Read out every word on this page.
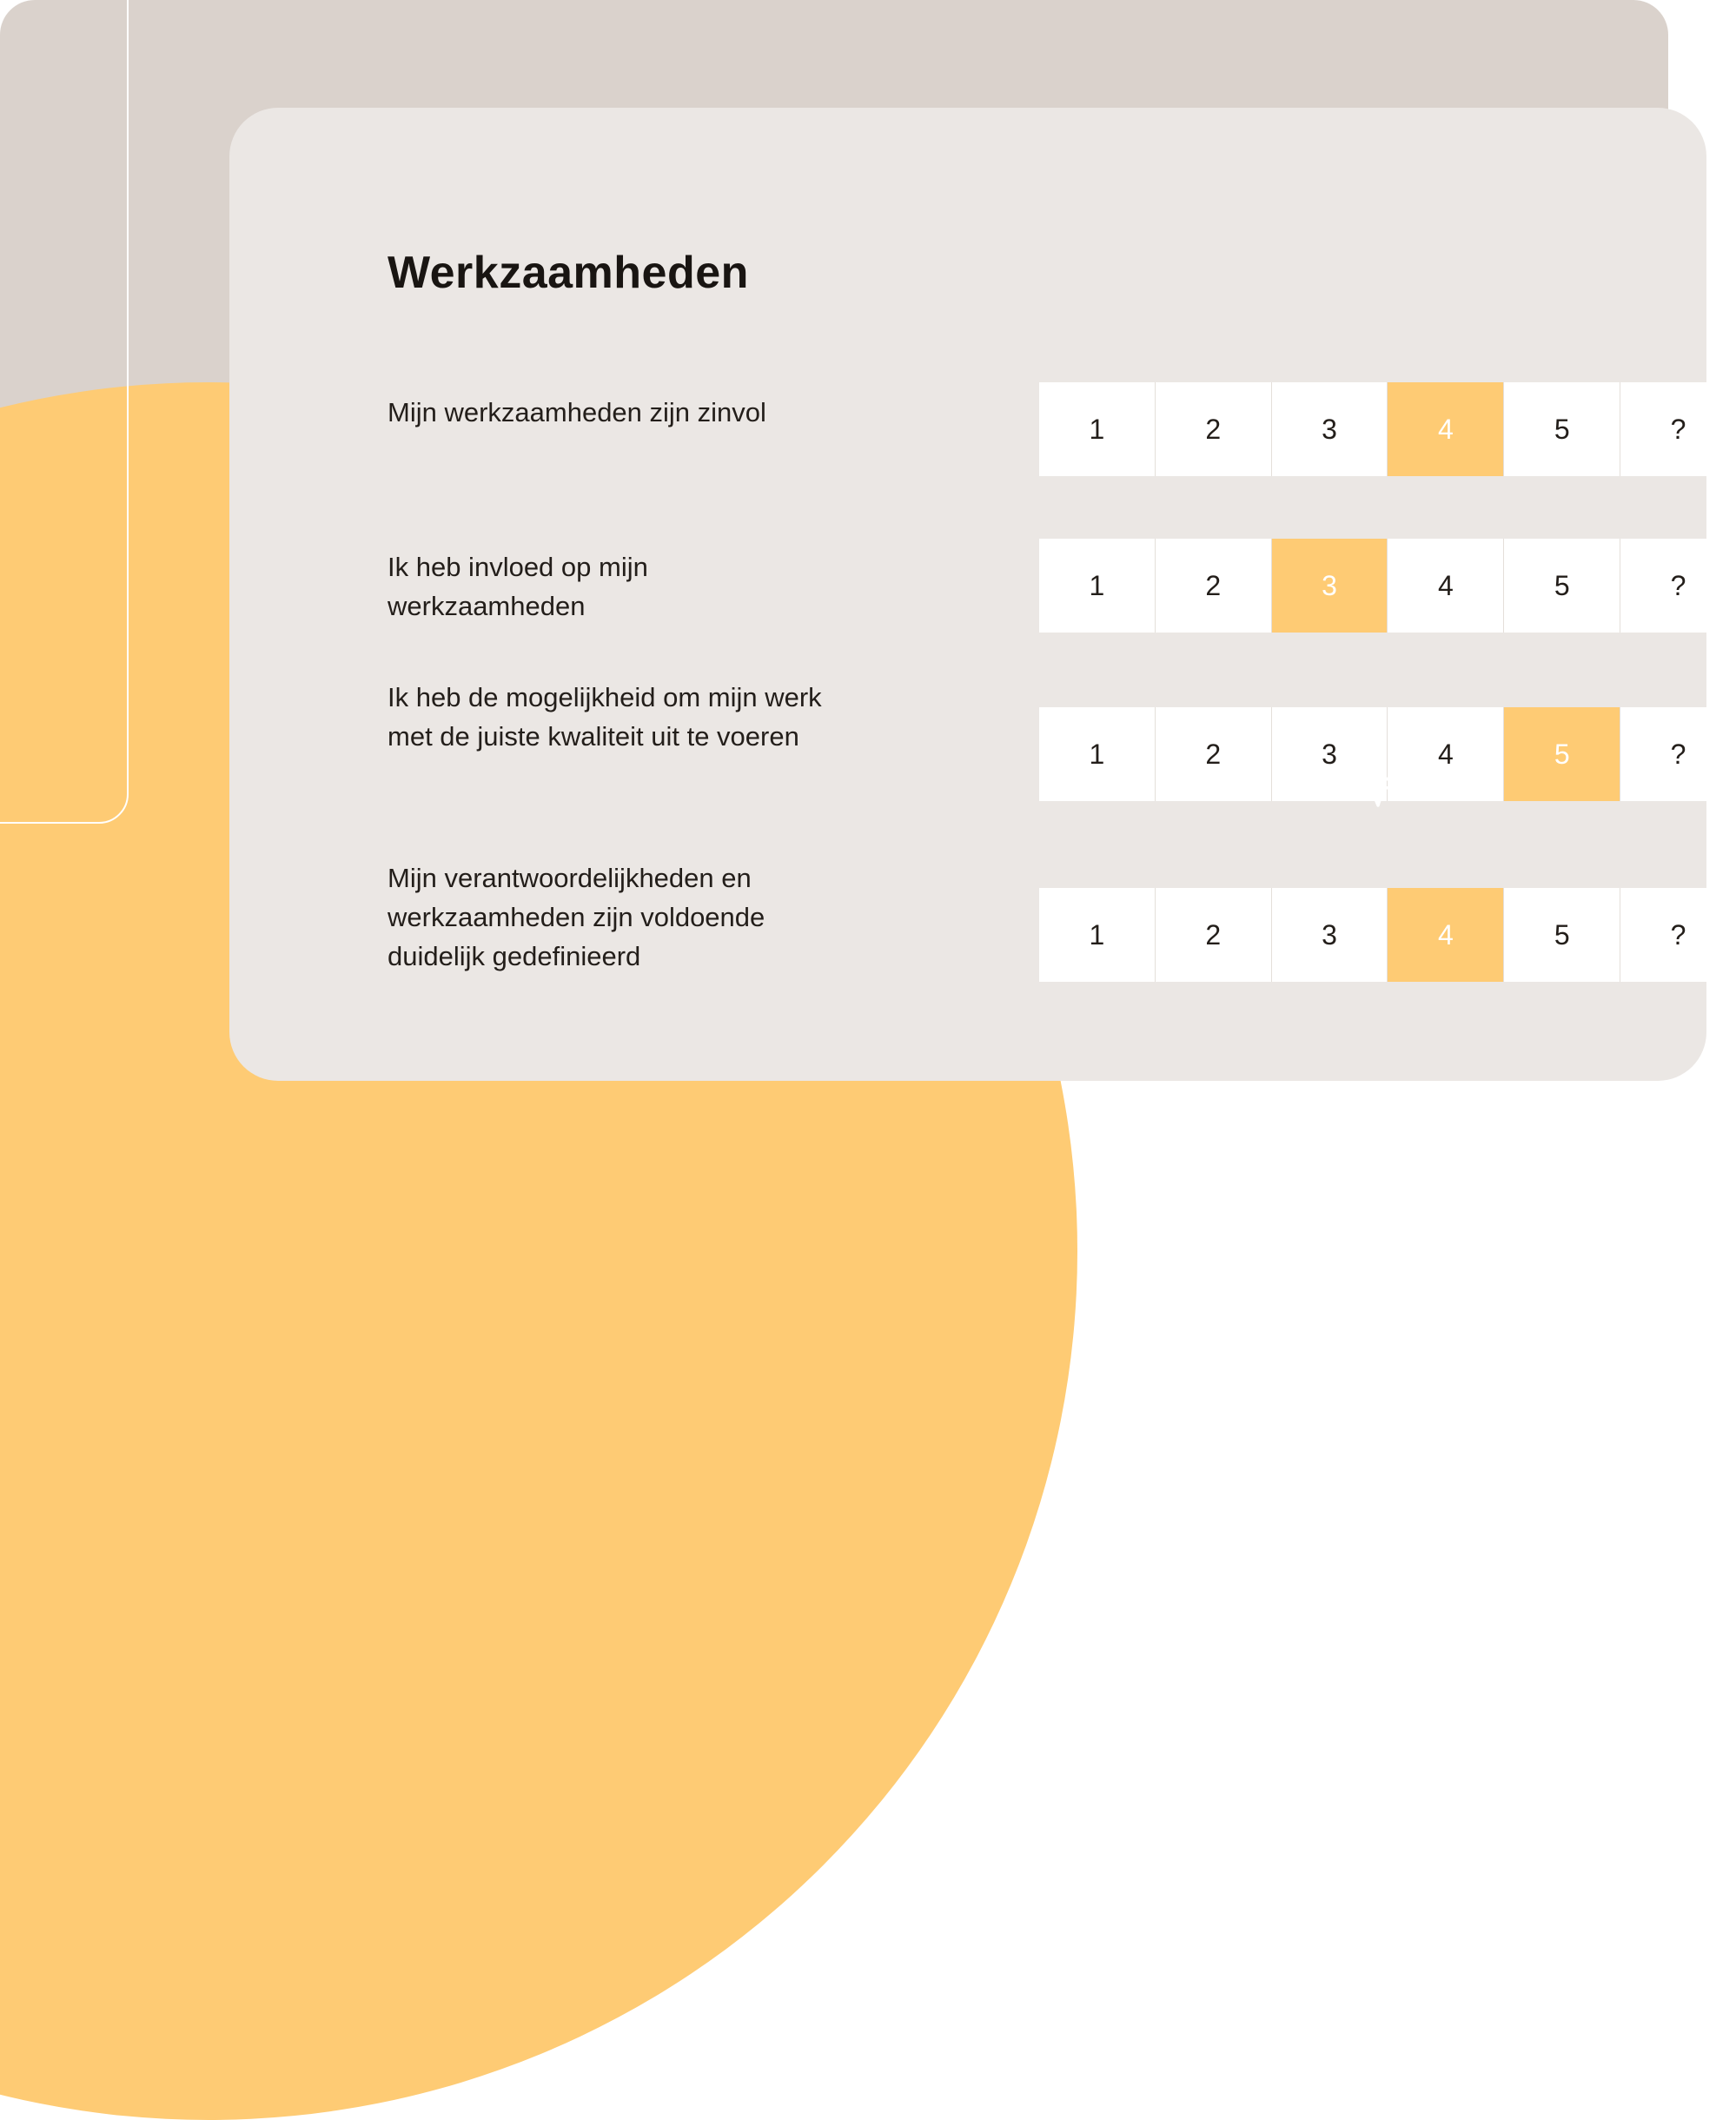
Werkzaamheden
Mijn werkzaamheden zijn zinvol
1	2	3	4	5	?
Ik heb invloed op mijn werkzaamheden
1	2	3	4	5	?
Ik heb de mogelijkheid om mijn werk met de juiste kwaliteit uit te voeren
1	2	3	4	5	?
Mijn verantwoordelijkheden en werkzaamheden zijn voldoende duidelijk gedefinieerd
1	2	3	4	5	?
